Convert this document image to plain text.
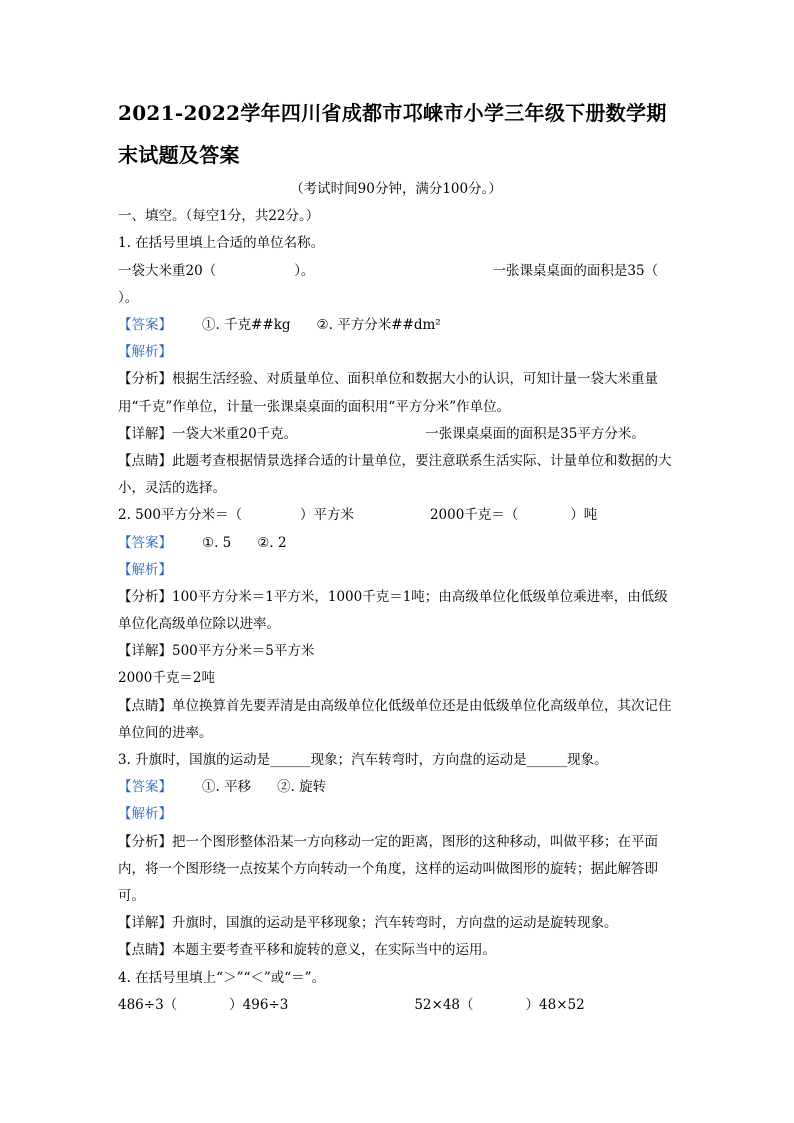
2021-2022学年四川省成都市邛崃市小学三年级下册数学期末试题及答案
（考试时间90分钟，满分100分。）
一、填空。（每空1分，共22分。）
1. 在括号里填上合适的单位名称。
一袋大米重20（	）。	一张课桌桌面的面积是35（
）。
【答案】 ①. 千克##kg ②. 平方分米##dm²
【解析】
【分析】根据生活经验、对质量单位、面积单位和数据大小的认识，可知计量一袋大米重量用“千克”作单位，计量一张课桌桌面的面积用“平方分米”作单位。
【详解】一袋大米重20千克。	一张课桌桌面的面积是35平方分米。
【点睛】此题考查根据情景选择合适的计量单位，要注意联系生活实际、计量单位和数据的大小，灵活的选择。
2. 500平方分米＝（	）平方米	2000千克＝（	）吨
【答案】 ①. 5 ②. 2
【解析】
【分析】100平方分米＝1平方米，1000千克＝1吨；由高级单位化低级单位乘进率，由低级单位化高级单位除以进率。
【详解】500平方分米＝5平方米
2000千克＝2吨
【点睛】单位换算首先要弄清是由高级单位化低级单位还是由低级单位化高级单位，其次记住单位间的进率。
3. 升旗时，国旗的运动是______现象；汽车转弯时，方向盘的运动是______现象。
【答案】 ①. 平移 ②. 旋转
【解析】
【分析】把一个图形整体沿某一方向移动一定的距离，图形的这种移动，叫做平移；在平面内，将一个图形绕一点按某个方向转动一个角度，这样的运动叫做图形的旋转；据此解答即可。
【详解】升旗时，国旗的运动是平移现象；汽车转弯时，方向盘的运动是旋转现象。
【点睛】本题主要考查平移和旋转的意义，在实际当中的运用。
4. 在括号里填上“＞”“＜”或“＝”。
486÷3（	）496÷3	52×48（	）48×52
